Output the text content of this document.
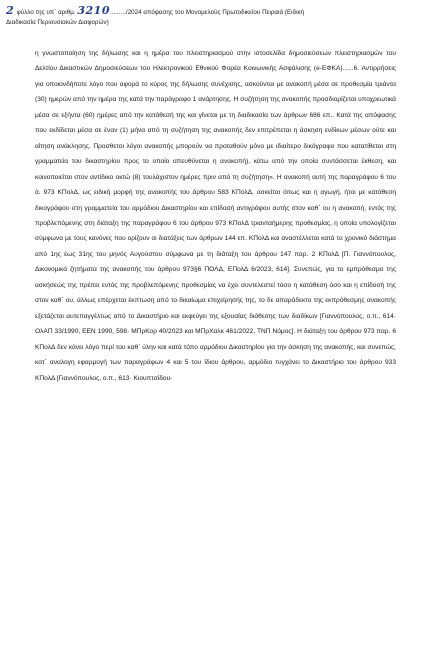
2 φύλλο της υπ΄ αριθμ. 3210........./2024 απόφασης του Μονομελούς Πρωτοδικείου Πειραιά (Ειδική
Διαδικασία Περιουσιακών Διαφορών)

η γνωστοποίηση της δήλωσης και η ημέρα του πλειστηριασμού στην ιστοσελίδα δημοσιεύσεων πλειστηριασμών του Δελτίου Δικαστικών Δημοσιεύσεων του Ηλεκτρονικού Εθνικού Φορέα Κοινωνικής Ασφάλισης (e-ΕΦΚΑ)......6. Αντιρρήσεις για οποιονδήποτε λόγο που αφορά το κύρος της δήλωσης συνέχισης, ασκούνται με ανακοπή μέσα σε προθεσμία τριάντα (30) ημερών από την ημέρα της κατά την παράγραφο 1 ανάρτησης. Η συζήτηση της ανακοπής προσδιορίζεται υποχρεωτικά μέσα σε εξήντα (60) ημέρες από την κατάθεσή της και γίνεται με τη διαδικασία των άρθρων 686 επ.. Κατά της απόφασης που εκδίδεται μέσα σε έναν (1) μήνα από τη συζήτηση της ανακοπής δεν επιτρέπεται η άσκηση ενδίκων μέσων ούτε και αίτηση ανάκλησης. Προσθετοι λόγοι ανακοπής μπορούν να προταθούν μόνο με ιδιαίτερο δικόγραφο που κατατίθεται στη γραμματεία του δικαστηρίου προς το οποίο απευθύνεται η ανακοπή), κάτω από την οποία συντάσσεται έκθεση, και κοινοποιείται στον αντίδικο οκτώ (8) τουλάχιστον ημέρες πριν από τη συζήτηση». Η ανακοπή αυτή της παραγράφου 6 του ά. 973 ΚΠολΔ, ως ειδική μορφή της ανακοπής του άρθρου 583 ΚΠολΔ, ασκείται όπως και η αγωγή, ήτοι με κατάθεση δικογράφου στη γραμματεία του αρμόδιου Δικαστηρίου και επίδοσή αντιγράφου αυτής στον καθ΄ ου η ανακοπή, εντός της προβλεπόμενης στη διάταξη της παραγράφου 6 του άρθρου 973 ΚΠολΔ τριανταήμερης προθεσμίας, η οποία υπολογίζεται σύμφωνα με τους κανόνες που ορίζουν οι διατάξεις των άρθρων 144 επ. ΚΠολΔ και αναστέλλεται κατά το χρονικό διάστημα από 1ης έως 31ης του μηνός Αυγούστου σύμφωνα με τη διάταξη του άρθρου 147 παρ. 2 ΚΠολΔ [Π. Γιαννόπουλος, Δικονομικά ζητήματα της ανακοπής του άρθρου 973§6 ΠΟΛΔ, ΕΠολΔ 6/2023, 614]. Συνεπώς, για το εμπρόθεσμο της ασκήσεώς της πρέπει εντός της προβλεπόμενης προθεσμίας να έχει συντελεστεί τόσο η κατάθεση όσο και η επίδοσή της στον καθ΄ ου, άλλως επέρχεται έκπτωση από το δικαίωμα επιχείρησής της, το δε απαράδεκτο της εκπρόθεσμης ανακοπής εξετάζεται αυτεπαγγέλτως από το Δικαστήριο και εκφεύγει της εξουσίας διάθεσης των διαδίκων [Γιαννόπουλος, ο.π., 614· ΟλΑΠ 33/1990, ΕΕΝ 1990, 598· ΜΠρΚορ 40/2023 και ΜΠρΧαλκ 461/2022, ΤΝΠ Νόμος]. Η διάταξη του άρθρου 973 παρ. 6 ΚΠολΔ δεν κάνει λόγο περί του καθ΄ ύλην και κατά τόπο αρμόδιου Δικαστηρίου για την άσκηση της ανακοπής, και συνεπώς, κατ΄ αναλογη εφαρμογή των παραγράφων 4 και 5 του ίδιου άρθρου, αρμόδιο τυγχάνει το Δικαστήριο του άρθρου 933 ΚΠολΔ [Γιαννόπουλος, ο.π., 613· Κιουπτσίδου-
